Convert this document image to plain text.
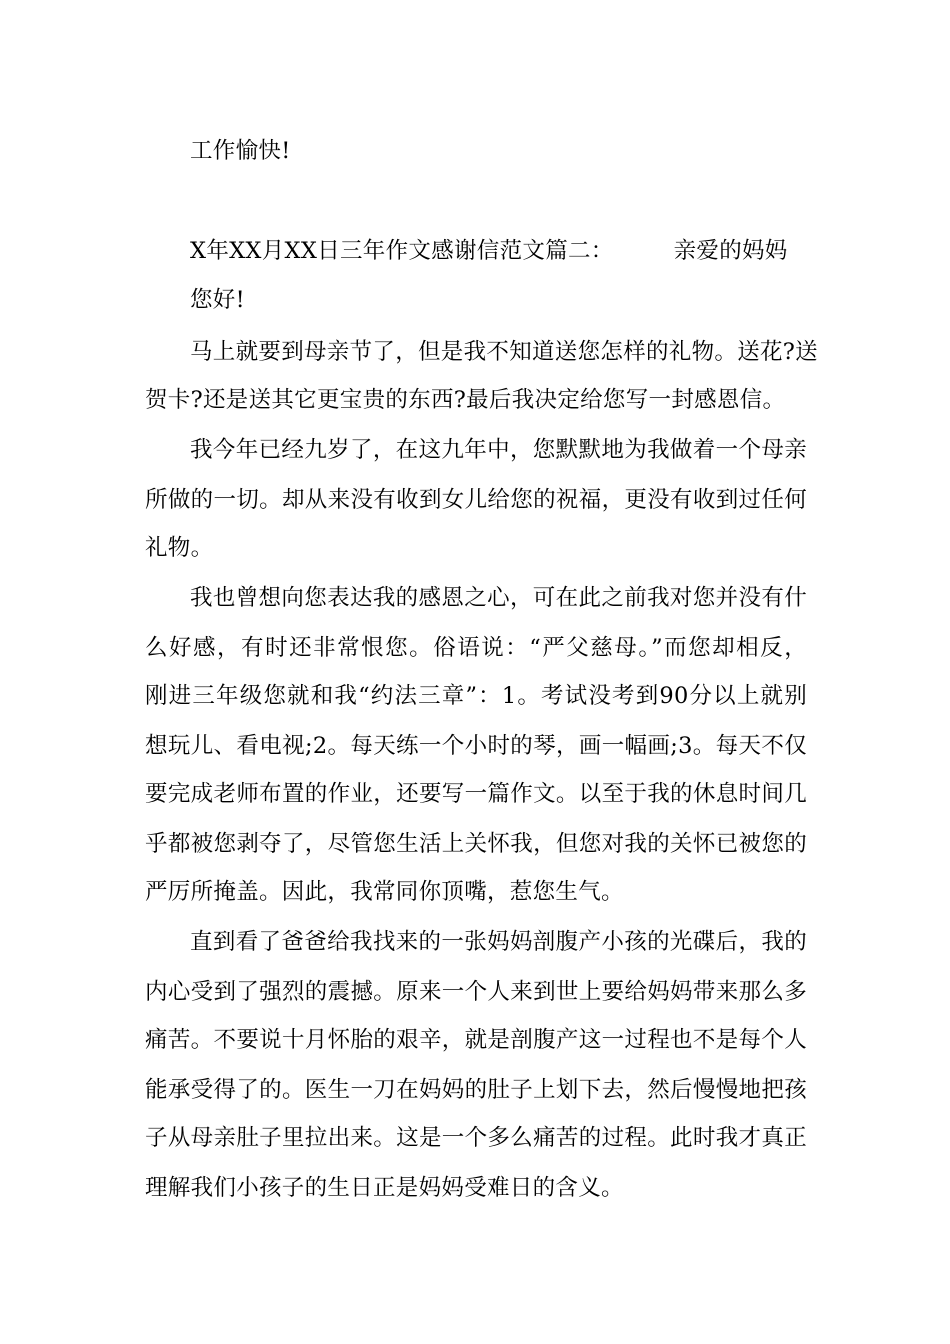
工作愉快!
X年XX月XX日三年作文感谢信范文篇二：	亲爱的妈妈
您好!
马上就要到母亲节了，但是我不知道送您怎样的礼物。送花?送
贺卡?还是送其它更宝贵的东西?最后我决定给您写一封感恩信。
我今年已经九岁了，在这九年中，您默默地为我做着一个母亲
所做的一切。却从来没有收到女儿给您的祝福，更没有收到过任何
礼物。
我也曾想向您表达我的感恩之心，可在此之前我对您并没有什
么好感，有时还非常恨您。俗语说：“严父慈母。”而您却相反，
刚进三年级您就和我“约法三章”：1。考试没考到90分以上就别
想玩儿、看电视;2。每天练一个小时的琴，画一幅画;3。每天不仅
要完成老师布置的作业，还要写一篇作文。以至于我的休息时间几
乎都被您剥夺了，尽管您生活上关怀我，但您对我的关怀已被您的
严厉所掩盖。因此，我常同你顶嘴，惹您生气。
直到看了爸爸给我找来的一张妈妈剖腹产小孩的光碟后，我的
内心受到了强烈的震撼。原来一个人来到世上要给妈妈带来那么多
痛苦。不要说十月怀胎的艰辛，就是剖腹产这一过程也不是每个人
能承受得了的。医生一刀在妈妈的肚子上划下去，然后慢慢地把孩
子从母亲肚子里拉出来。这是一个多么痛苦的过程。此时我才真正
理解我们小孩子的生日正是妈妈受难日的含义。
